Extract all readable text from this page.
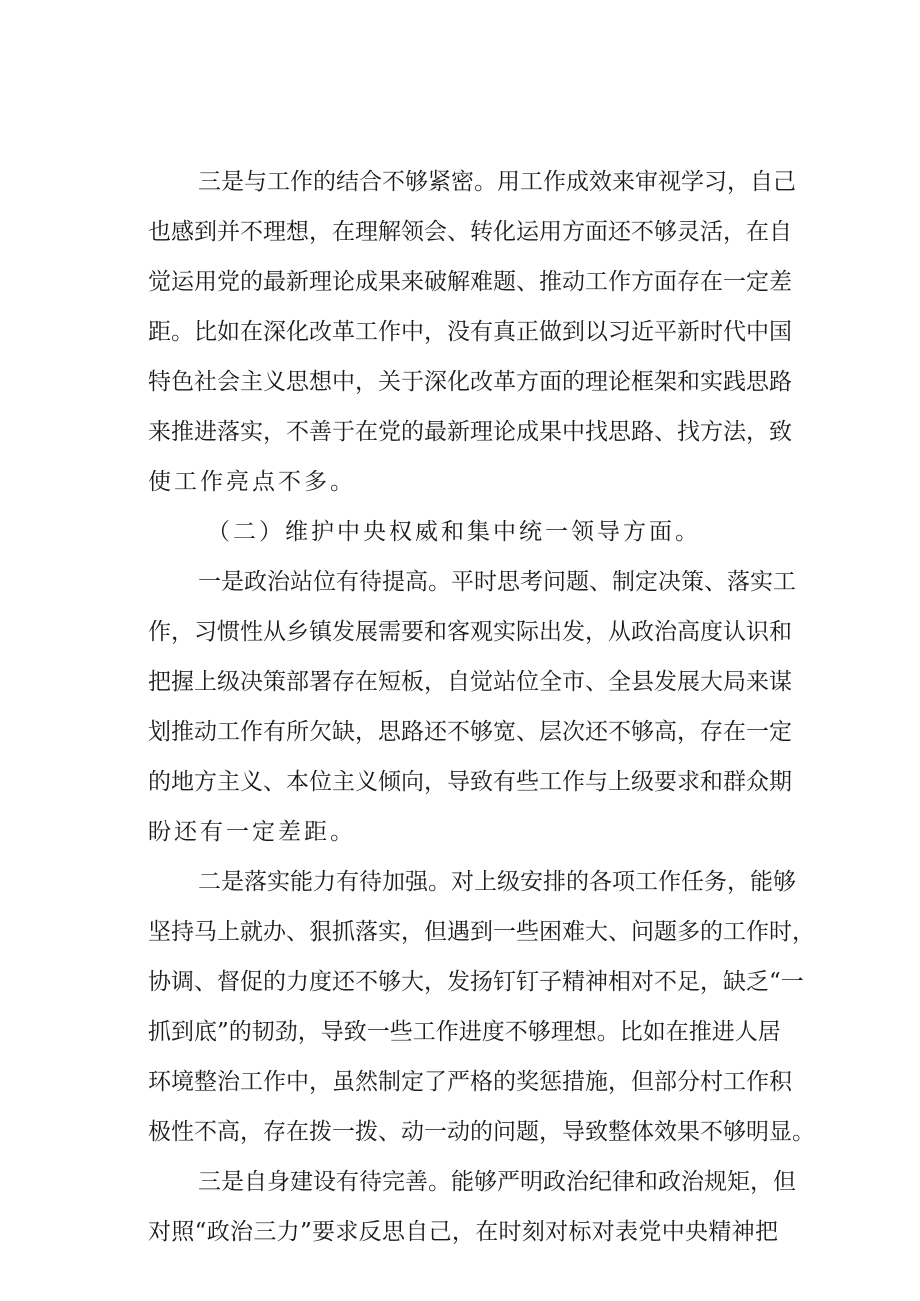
三是与工作的结合不够紧密。用工作成效来审视学习，自己
也感到并不理想，在理解领会、转化运用方面还不够灵活，在自
觉运用党的最新理论成果来破解难题、推动工作方面存在一定差
距。比如在深化改革工作中，没有真正做到以习近平新时代中国
特色社会主义思想中，关于深化改革方面的理论框架和实践思路
来推进落实，不善于在党的最新理论成果中找思路、找方法，致
使工作亮点不多。
（二）维护中央权威和集中统一领导方面。
一是政治站位有待提高。平时思考问题、制定决策、落实工
作，习惯性从乡镇发展需要和客观实际出发，从政治高度认识和
把握上级决策部署存在短板，自觉站位全市、全县发展大局来谋
划推动工作有所欠缺，思路还不够宽、层次还不够高，存在一定
的地方主义、本位主义倾向，导致有些工作与上级要求和群众期
盼还有一定差距。
二是落实能力有待加强。对上级安排的各项工作任务，能够
坚持马上就办、狠抓落实，但遇到一些困难大、问题多的工作时，
协调、督促的力度还不够大，发扬钉钉子精神相对不足，缺乏“一
抓到底”的韧劲，导致一些工作进度不够理想。比如在推进人居
环境整治工作中，虽然制定了严格的奖惩措施，但部分村工作积
极性不高，存在拨一拨、动一动的问题，导致整体效果不够明显。
三是自身建设有待完善。能够严明政治纪律和政治规矩，但
对照“政治三力”要求反思自己，在时刻对标对表党中央精神把
